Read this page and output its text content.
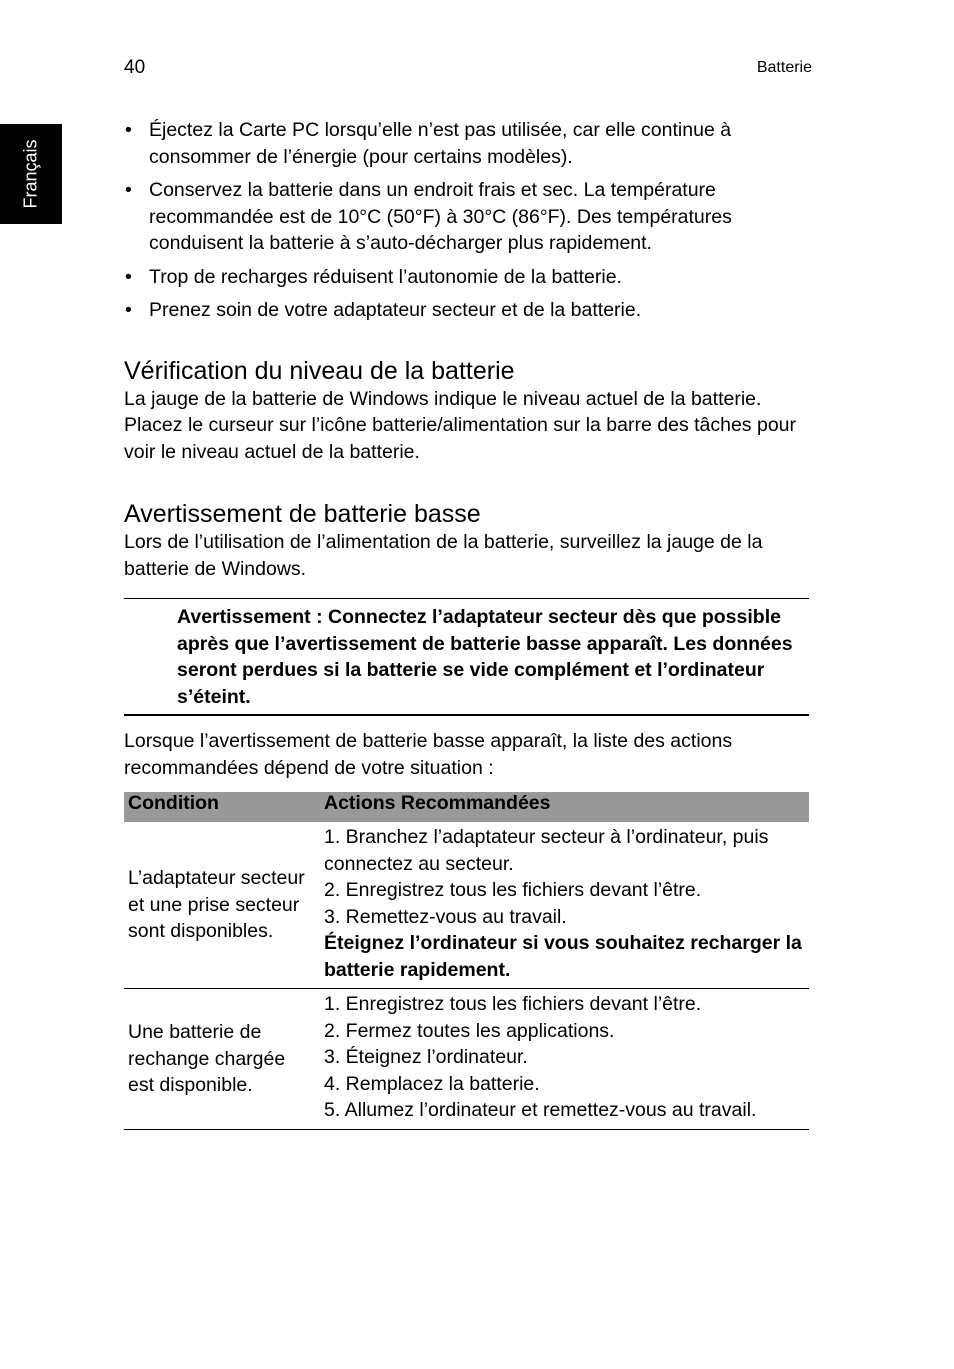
40	Batterie
Français
• Éjectez la Carte PC lorsqu’elle n’est pas utilisée, car elle continue à consommer de l’énergie (pour certains modèles).
• Conservez la batterie dans un endroit frais et sec. La température recommandée est de 10°C (50°F) à 30°C (86°F). Des températures conduisent la batterie à s’auto-décharger plus rapidement.
• Trop de recharges réduisent l’autonomie de la batterie.
• Prenez soin de votre adaptateur secteur et de la batterie.
Vérification du niveau de la batterie

La jauge de la batterie de Windows indique le niveau actuel de la batterie. Placez le curseur sur l’icône batterie/alimentation sur la barre des tâches pour voir le niveau actuel de la batterie.

Avertissement de batterie basse

Lors de l’utilisation de l’alimentation de la batterie, surveillez la jauge de la batterie de Windows.

Avertissement : Connectez l’adaptateur secteur dès que possible après que l’avertissement de batterie basse apparaît. Les données seront perdues si la batterie se vide complément et l’ordinateur s’éteint.

Lorsque l’avertissement de batterie basse apparaît, la liste des actions recommandées dépend de votre situation :

Condition	Actions Recommandées
L’adaptateur secteur et une prise secteur sont disponibles.	1. Branchez l’adaptateur secteur à l’ordinateur, puis connectez au secteur.
2. Enregistrez tous les fichiers devant l’être.
3. Remettez-vous au travail.
Éteignez l’ordinateur si vous souhaitez recharger la batterie rapidement.

Une batterie de rechange chargée est disponible.	1. Enregistrez tous les fichiers devant l’être.
2. Fermez toutes les applications.
3. Éteignez l’ordinateur.
4. Remplacez la batterie.
5. Allumez l’ordinateur et remettez-vous au travail.
